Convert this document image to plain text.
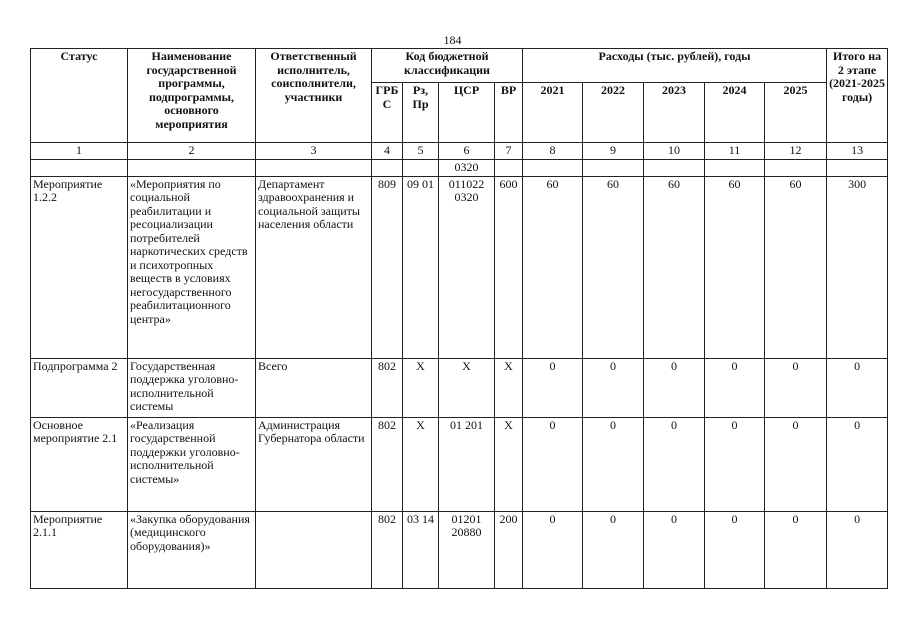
184
Статус	Наименование государственной программы, подпрограммы, основного мероприятия	Ответственный исполнитель, соисполнители, участники	Код бюджетной классификации				Расходы (тыс. рублей), годы					Итого на 2 этапе (2021-2025 годы)
			ГРБ С	Рз, Пр	ЦСР	ВР	2021	2022	2023	2024	2025	
1	2	3	4	5	6	7	8	9	10	11	12	13
					0320							
Мероприятие 1.2.2	«Мероприятия по социальной реабилитации и ресоциализации потребителей наркотических средств и психотропных веществ в условиях негосударственного реабилитационного центра»	Департамент здравоохранения и социальной защиты населения области	809	09 01	011022 0320	600	60	60	60	60	60	300
Подпрограмма 2	Государственная поддержка уголовно-исполнительной системы	Всего	802	X	X	X	0	0	0	0	0	0
Основное мероприятие 2.1	«Реализация государственной поддержки уголовно-исполнительной системы»	Администрация Губернатора области	802	X	01 201	X	0	0	0	0	0	0
Мероприятие 2.1.1	«Закупка оборудования (медицинского оборудования)»		802	03 14	01201 20880	200	0	0	0	0	0	0
